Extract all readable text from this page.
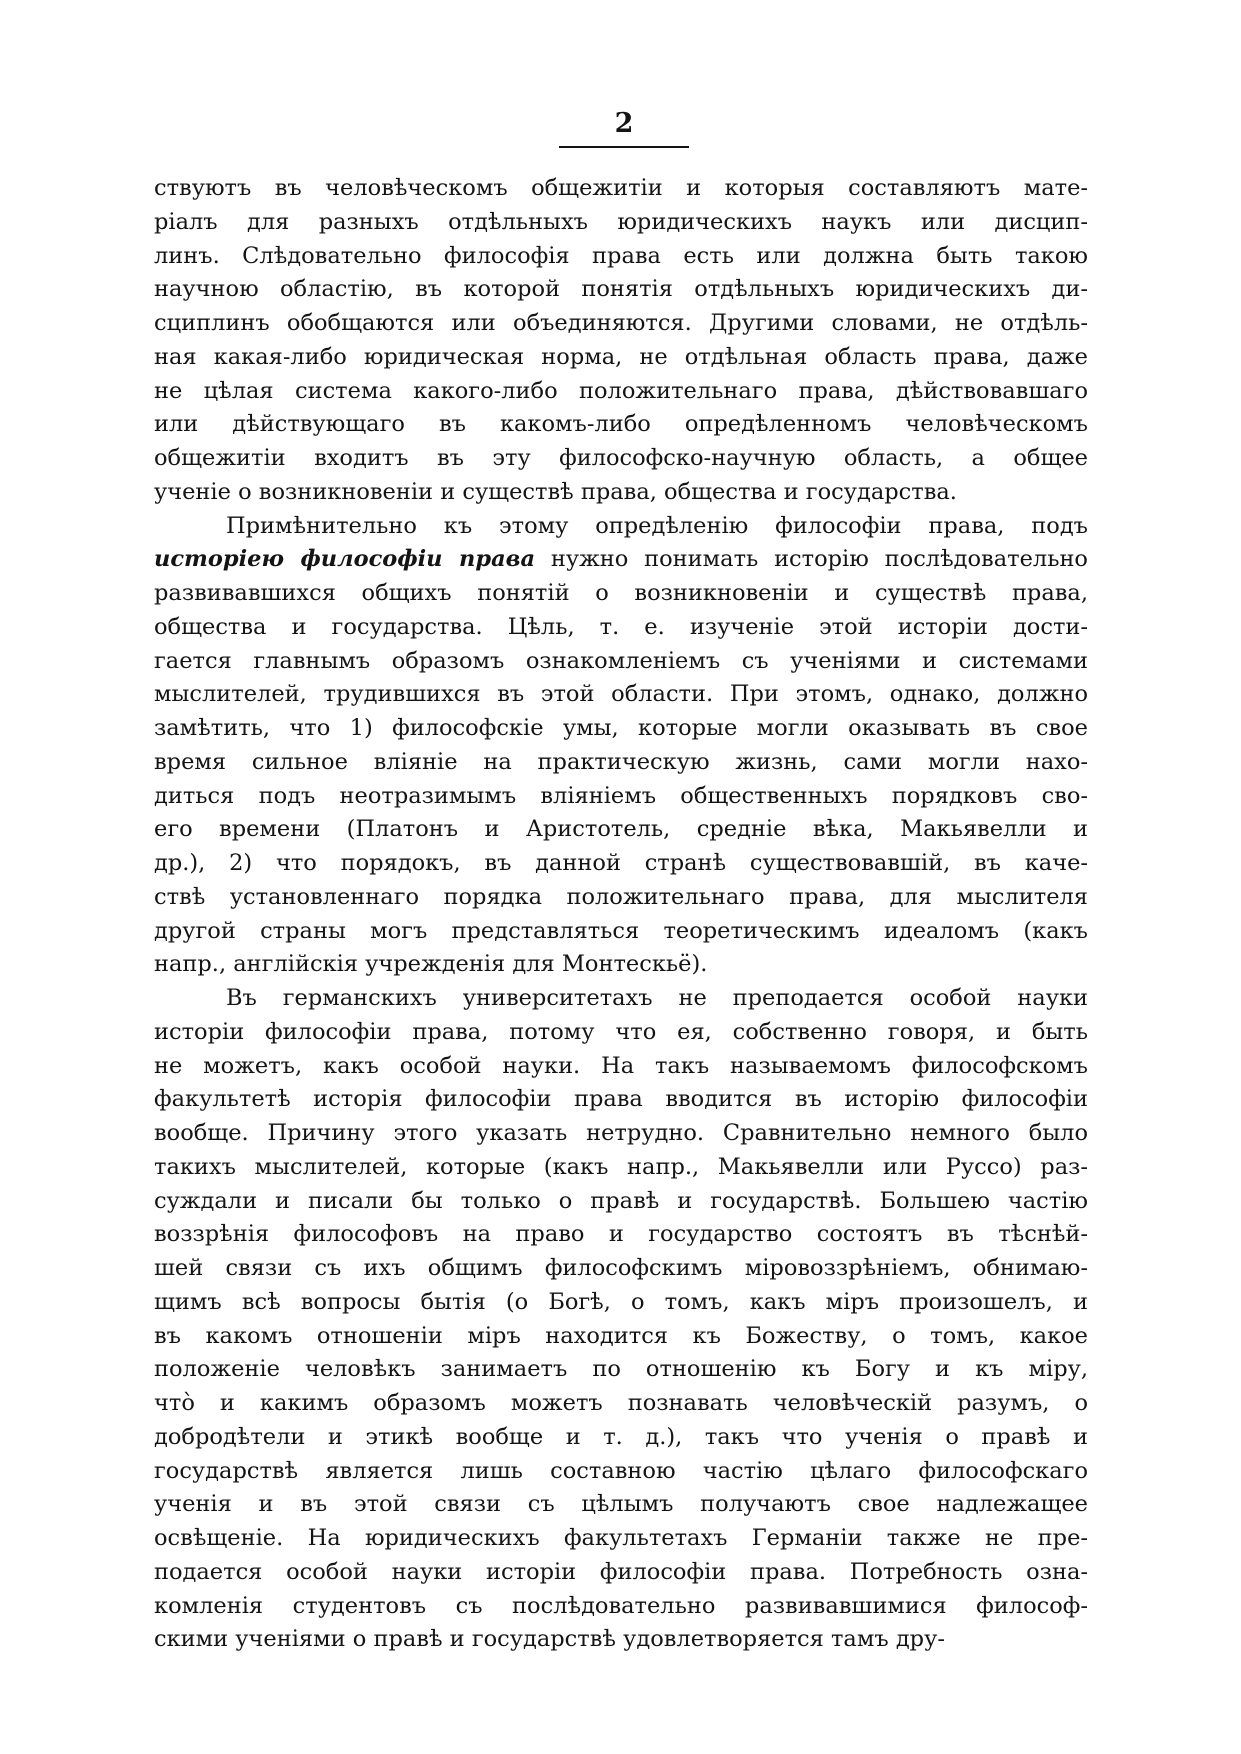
2
ствуютъ въ человѣческомъ общежитіи и которыя составляютъ мате-
ріалъ для разныхъ отдѣльныхъ юридическихъ наукъ или дисцип-
линъ. Слѣдовательно философія права есть или должна быть такою
научною областію, въ которой понятія отдѣльныхъ юридическихъ ди-
сциплинъ обобщаются или объединяются. Другими словами, не отдѣль-
ная какая-либо юридическая норма, не отдѣльная область права, даже
не цѣлая система какого-либо положительнаго права, дѣйствовавшаго
или дѣйствующаго въ какомъ-либо опредѣленномъ человѣческомъ
общежитіи входитъ въ эту философско-научную область, а общее
ученіе о возникновеніи и существѣ права, общества и государства.
Примѣнительно къ этому опредѣленію философіи права, подъ
исторіею философіи права нужно понимать исторію послѣдовательно
развивавшихся общихъ понятій о возникновеніи и существѣ права,
общества и государства. Цѣль, т. е. изученіе этой исторіи дости-
гается главнымъ образомъ ознакомленіемъ съ ученіями и системами
мыслителей, трудившихся въ этой области. При этомъ, однако, должно
замѣтить, что 1) философскіе умы, которые могли оказывать въ свое
время сильное вліяніе на практическую жизнь, сами могли нахо-
диться подъ неотразимымъ вліяніемъ общественныхъ порядковъ сво-
его времени (Платонъ и Аристотель, средніе вѣка, Макьявелли и
др.), 2) что порядокъ, въ данной странѣ существовавшій, въ каче-
ствѣ установленнаго порядка положительнаго права, для мыслителя
другой страны могъ представляться теоретическимъ идеаломъ (какъ
напр., англійскія учрежденія для Монтескьё).
Въ германскихъ университетахъ не преподается особой науки
исторіи философіи права, потому что ея, собственно говоря, и быть
не можетъ, какъ особой науки. На такъ называемомъ философскомъ
факультетѣ исторія философіи права вводится въ исторію философіи
вообще. Причину этого указать нетрудно. Сравнительно немного было
такихъ мыслителей, которые (какъ напр., Макьявелли или Руссо) раз-
суждали и писали бы только о правѣ и государствѣ. Большею частію
воззрѣнія философовъ на право и государство состоятъ въ тѣснѣй-
шей связи съ ихъ общимъ философскимъ міровоззрѣніемъ, обнимаю-
щимъ всѣ вопросы бытія (о Богѣ, о томъ, какъ міръ произошелъ, и
въ какомъ отношеніи міръ находится къ Божеству, о томъ, какое
положеніе человѣкъ занимаетъ по отношенію къ Богу и къ міру,
что̀ и какимъ образомъ можетъ познавать человѣческій разумъ, о
добродѣтели и этикѣ вообще и т. д.), такъ что ученія о правѣ и
государствѣ является лишь составною частію цѣлаго философскаго
ученія и въ этой связи съ цѣлымъ получаютъ свое надлежащее
освѣщеніе. На юридическихъ факультетахъ Германіи также не пре-
подается особой науки исторіи философіи права. Потребность озна-
комленія студентовъ съ послѣдовательно развивавшимися философ-
скими ученіями о правѣ и государствѣ удовлетворяется тамъ дру-
